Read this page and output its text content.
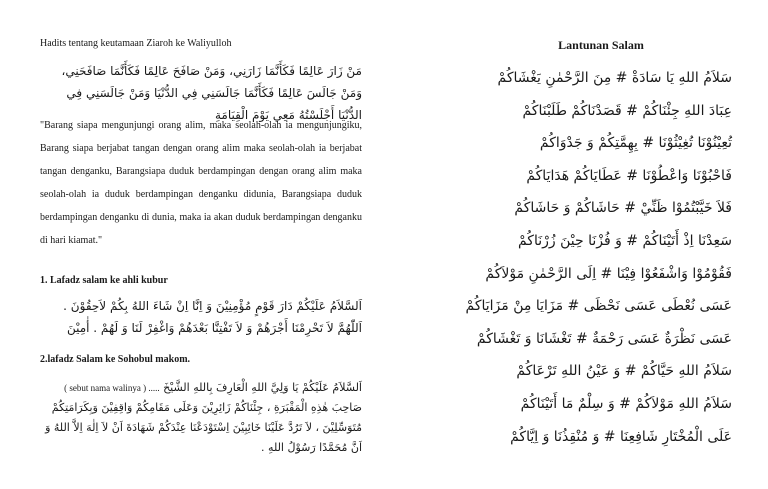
Hadits tentang keutamaan Ziaroh ke Waliyulloh
مَنْ زَارَ عَالِمًا فَكَأَنَّمَا زَارَنِي، وَمَنْ صَافَحَ عَالِمًا فَكَأَنَّمَا صَافَحَنِي، وَمَنْ جَالَسَ عَالِمًا فَكَأَنَّمَا جَالَسَنِي فِي الدُّنْيَا وَمَنْ جَالَسَنِي فِي الدُّنْيَا أَجْلَسْتُهُ مَعِي يَوْمَ الْقِيَامَةِ
"Barang siapa mengunjungi orang alim, maka seolah-olah ia mengunjungiku, Barang siapa berjabat tangan dengan orang alim maka seolah-olah ia berjabat tangan denganku, Barangsiapa duduk berdampingan dengan orang alim maka seolah-olah ia duduk berdampingan denganku didunia, Barangsiapa duduk berdampingan denganku di dunia, maka ia akan duduk berdampingan denganku di hari kiamat."
1. Lafadz salam ke ahli kubur
اَلسَّلاَمُ عَلَيْكُمْ دَارَ قَوْمٍ مُؤْمِنِيْنَ وَ اِنَّا اِنْ شَاءَ اللهُ بِكُمْ لاَحِقُوْنَ . اَللّٰهُمَّ لاَ تَحْرِمْنَا أَجْرَهُمْ وَ لاَ تَفْتِنَّا بَعْدَهُمْ وَاغْفِرْ لَنَا وَ لَهُمْ . أٰمِيْنَ
2.lafadz Salam ke Sohobul makom.
اَلسَّلاَمُ عَلَيْكُمْ يَا وَلِيَّ اللهِ الْعَارِفَ بِاللهِ الشَّيْخَ ( sebut nama walinya ) ..... صَاحِبَ هٰذِهِ الْمَقْبَرَةِ ، جِئْنَاكُمْ زَائِرِيْنَ وَعَلَى مَقَامِكُمْ وَاقِفِيْنَ وَبِكَرَامَتِكُمْ مُتَوَسِّلِيْنَ ، لاَ تَرُدَّ عَلَيْنَا خَائِبِيْنَ اِسْتَوْدَعْنَا عِنْدَكُمْ شَهَادَةَ اَنْ لاَ اِلٰهَ اِلاَّ اللهُ وَ اَنَّ مُحَمَّدًا رَسُوْلُ اللهِ .
Lantunan Salam
سَلاَمُ اللهِ يَا سَادَةْ # مِنَ الرَّحْمٰنِ يَغْشَاكُمْ
عِبَادَ اللهِ جِئْنَاكُمْ # قَصَدْنَاكُمْ طَلَبْنَاكُمْ
تُعِيْنُوْنَا تُغِيْثُوْنَا # بِهِمَّتِكُمْ وَ جَدْوَاكُمْ
فَاحْبُوْنَا وَاعْطُوْنَا # عَطَايَاكُمْ هَدَايَاكُمْ
فَلاَ خَيَّبْتُمُوْا ظَنِّيْ # حَاشَاكُمْ وَ حَاشَاكُمْ
سَعِدْنَا اِذْ أَتَيْنَاكُمْ # وَ فُزْنَا حِيْنَ زُرْنَاكُمْ
فَقُوْمُوْا وَاشْفَعُوْا فِيْنَا # اِلَى الرَّحْمٰنِ مَوْلاَكُمْ
عَسَى نُعْطَى عَسَى نَحْظَى # مَزَايَا مِنْ مَزَايَاكُمْ
عَسَى نَظْرَةٌ عَسَى رَحْمَةٌ # تَغْشَانَا وَ تَغْشَاكُمْ
سَلاَمُ اللهِ حَيَّاكُمْ # وَ عَيْنُ اللهِ تَرْعَاكُمْ
سَلاَمُ اللهِ مَوْلاَكُمْ # وَ سِلْمٌ مَا أَتَيْنَاكُمْ
عَلَى الْمُخْتَارِ شَافِعِنَا # وَ مُنْقِذُنَا وَ اِيَّاكُمْ
